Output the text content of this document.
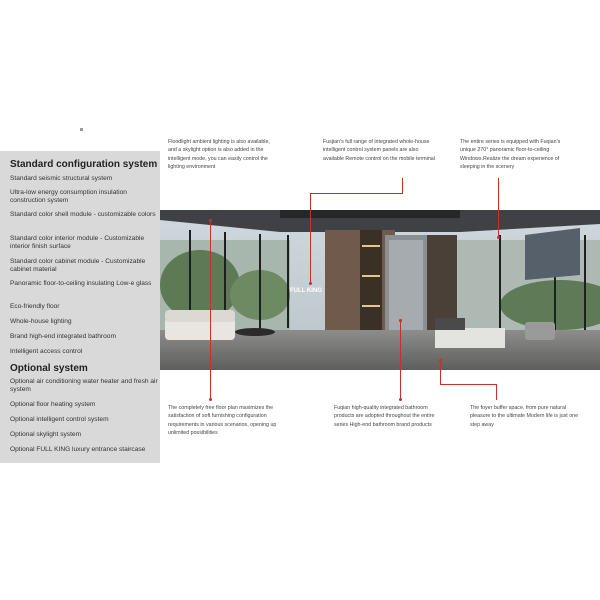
Standard configuration system
Standard seismic structural system
Ultra-low energy consumption insulation construction system
Standard color shell module - customizable colors
Standard color interior module - Customizable interior finish surface
Standard color cabinet module - Customizable cabinet material
Panoramic floor-to-ceiling insulating Low-e glass
Eco-friendly floor
Whole-house lighting
Brand high-end integrated bathroom
Intelligent access control
Optional system
Optional air conditioning water heater and fresh air system
Optional floor heating system
Optional intelligent control system
Optional skylight system
Optional FULL KING luxury entrance staircase
Floodlight ambient lighting is also available, and a skylight option is also added in the intelligent mode, you can easily control the lighting environment
Fusjian's full range of integrated whole-house intelligent control system panels are also available Remote control on the mobile terminal
The entire series is equipped with Fuqian's unique 270° panoramic floor-to-ceiling Windows.Realize the dream experience of sleeping in the scenery
FULL KING
The completely free floor plan maximizes the satisfaction of soft furnishing configuration requirements in various scenarios, opening up unlimited possibilities
Fuqian high-quality integrated bathroom products are adopted throughout the entire series High-end bathroom brand products
The foyer buffer space, from pure natural pleasure to the ultimate Modern life is just one step away
